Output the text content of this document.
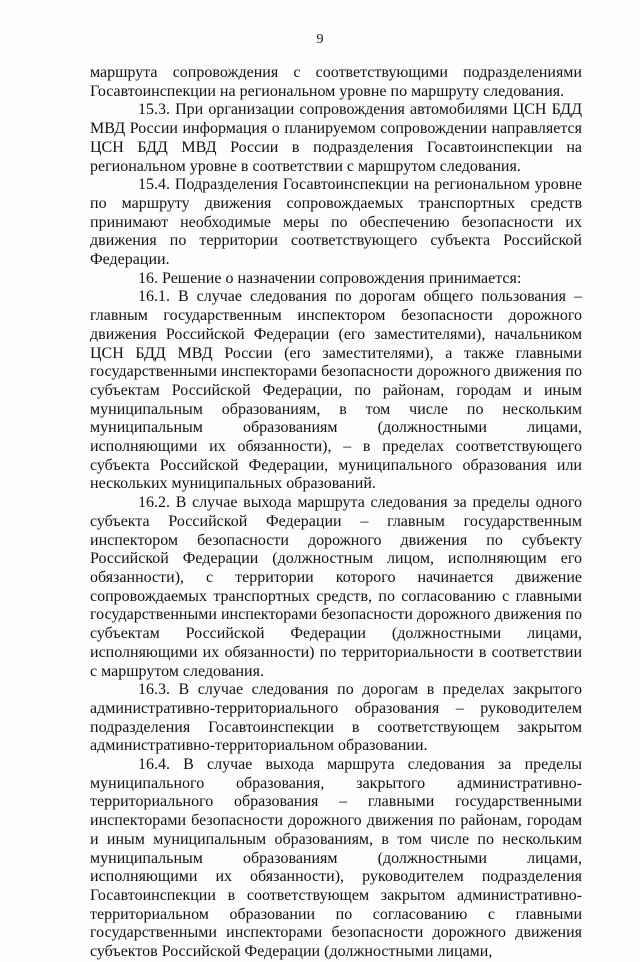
9

маршрута сопровождения с соответствующими подразделениями Госавтоинспекции на региональном уровне по маршруту следования.

15.3. При организации сопровождения автомобилями ЦСН БДД МВД России информация о планируемом сопровождении направляется ЦСН БДД МВД России в подразделения Госавтоинспекции на региональном уровне в соответствии с маршрутом следования.

15.4. Подразделения Госавтоинспекции на региональном уровне по маршруту движения сопровождаемых транспортных средств принимают необходимые меры по обеспечению безопасности их движения по территории соответствующего субъекта Российской Федерации.

16. Решение о назначении сопровождения принимается:

16.1. В случае следования по дорогам общего пользования – главным государственным инспектором безопасности дорожного движения Российской Федерации (его заместителями), начальником ЦСН БДД МВД России (его заместителями), а также главными государственными инспекторами безопасности дорожного движения по субъектам Российской Федерации, по районам, городам и иным муниципальным образованиям, в том числе по нескольким муниципальным образованиям (должностными лицами, исполняющими их обязанности), – в пределах соответствующего субъекта Российской Федерации, муниципального образования или нескольких муниципальных образований.

16.2. В случае выхода маршрута следования за пределы одного субъекта Российской Федерации – главным государственным инспектором безопасности дорожного движения по субъекту Российской Федерации (должностным лицом, исполняющим его обязанности), с территории которого начинается движение сопровождаемых транспортных средств, по согласованию с главными государственными инспекторами безопасности дорожного движения по субъектам Российской Федерации (должностными лицами, исполняющими их обязанности) по территориальности в соответствии с маршрутом следования.

16.3. В случае следования по дорогам в пределах закрытого административно-территориального образования – руководителем подразделения Госавтоинспекции в соответствующем закрытом административно-территориальном образовании.

16.4. В случае выхода маршрута следования за пределы муниципального образования, закрытого административно-территориального образования – главными государственными инспекторами безопасности дорожного движения по районам, городам и иным муниципальным образованиям, в том числе по нескольким муниципальным образованиям (должностными лицами, исполняющими их обязанности), руководителем подразделения Госавтоинспекции в соответствующем закрытом административно-территориальном образовании по согласованию с главными государственными инспекторами безопасности дорожного движения субъектов Российской Федерации (должностными лицами,
